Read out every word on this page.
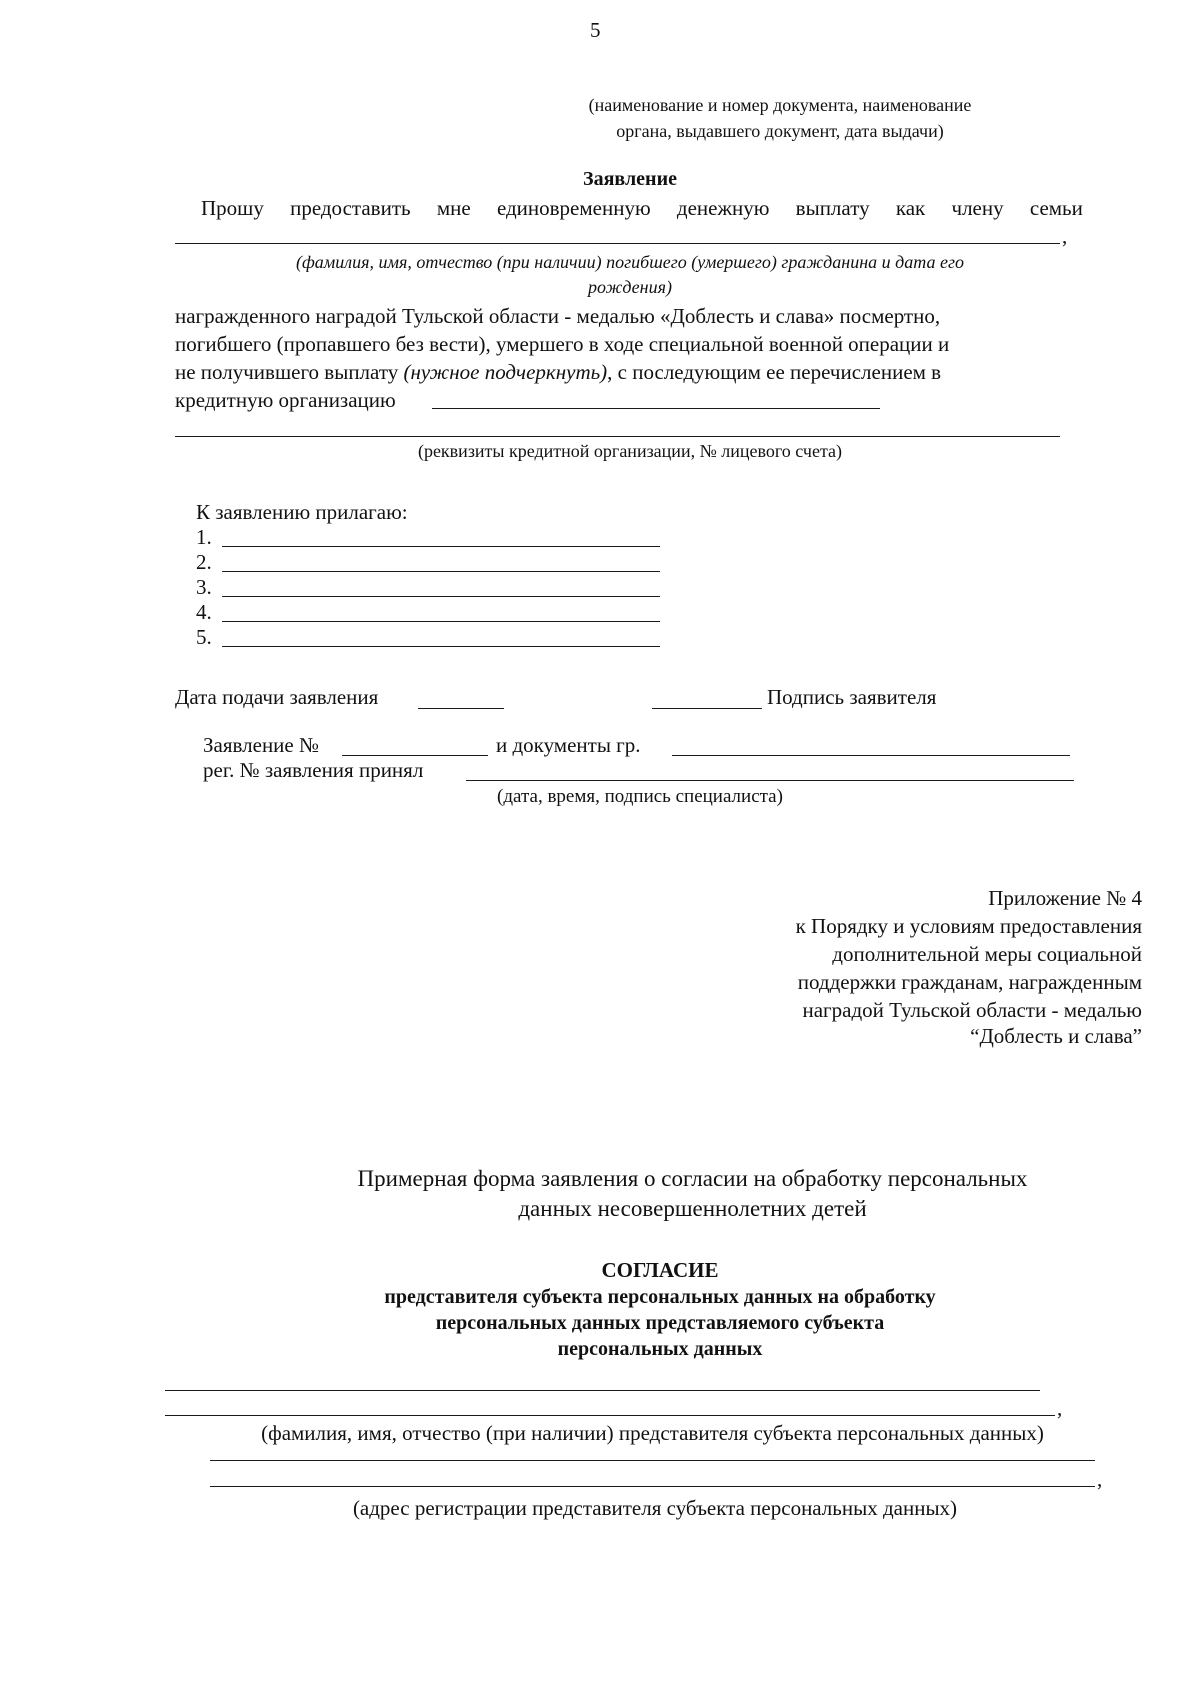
5
(наименование и номер документа, наименование
органа, выдавшего документ, дата выдачи)
Заявление
Прошу предоставить мне единовременную денежную выплату как члену семьи
,
(фамилия, имя, отчество (при наличии) погибшего (умершего) гражданина и дата его
рождения)
награжденного наградой Тульской области - медалью «Доблесть и слава» посмертно,
погибшего (пропавшего без вести), умершего в ходе специальной военной операции и
не получившего выплату (нужное подчеркнуть), с последующим ее перечислением в
кредитную организацию
(реквизиты кредитной организации, № лицевого счета)
К заявлению прилагаю:
1.
2.
3.
4.
5.
Дата подачи заявления	Подпись заявителя
Заявление №	и документы гр.
рег. № заявления принял
(дата, время, подпись специалиста)
Приложение № 4
к Порядку и условиям предоставления
дополнительной меры социальной
поддержки гражданам, награжденным
наградой Тульской области - медалью
“Доблесть и слава”
Примерная форма заявления о согласии на обработку персональных
данных несовершеннолетних детей
СОГЛАСИЕ
представителя субъекта персональных данных на обработку
персональных данных представляемого субъекта
персональных данных
,
(фамилия, имя, отчество (при наличии) представителя субъекта персональных данных)
,
(адрес регистрации представителя субъекта персональных данных)
